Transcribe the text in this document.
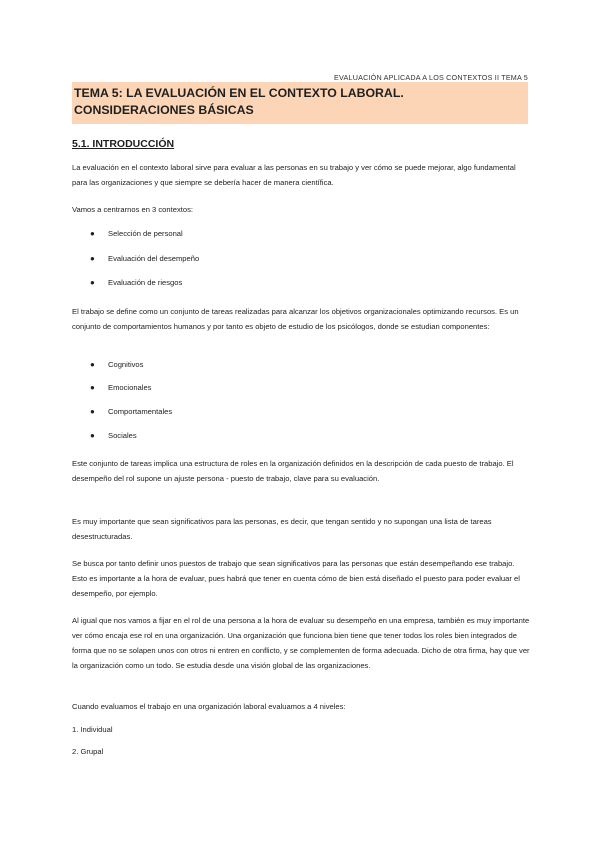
EVALUACIÓN APLICADA A LOS CONTEXTOS II TEMA 5
TEMA 5: LA EVALUACIÓN EN EL CONTEXTO LABORAL. CONSIDERACIONES BÁSICAS
5.1. INTRODUCCIÓN
La evaluación en el contexto laboral sirve para evaluar a las personas en su trabajo y ver cómo se puede mejorar, algo fundamental para las organizaciones y que siempre se debería hacer de manera científica.
Vamos a centrarnos en 3 contextos:
● Selección de personal
● Evaluación del desempeño
● Evaluación de riesgos
El trabajo se define como un conjunto de tareas realizadas para alcanzar los objetivos organizacionales optimizando recursos. Es un conjunto de comportamientos humanos y por tanto es objeto de estudio de los psicólogos, donde se estudian componentes:
● Cognitivos
● Emocionales
● Comportamentales
● Sociales
Este conjunto de tareas implica una estructura de roles en la organización definidos en la descripción de cada puesto de trabajo. El desempeño del rol supone un ajuste persona - puesto de trabajo, clave para su evaluación.
Es muy importante que sean significativos para las personas, es decir, que tengan sentido y no supongan una lista de tareas desestructuradas.
Se busca por tanto definir unos puestos de trabajo que sean significativos para las personas que están desempeñando ese trabajo. Esto es importante a la hora de evaluar, pues habrá que tener en cuenta cómo de bien está diseñado el puesto para poder evaluar el desempeño, por ejemplo.
Al igual que nos vamos a fijar en el rol de una persona a la hora de evaluar su desempeño en una empresa, también es muy importante ver cómo encaja ese rol en una organización. Una organización que funciona bien tiene que tener todos los roles bien integrados de forma que no se solapen unos con otros ni entren en conflicto, y se complementen de forma adecuada. Dicho de otra firma, hay que ver la organización como un todo. Se estudia desde una visión global de las organizaciones.
Cuando evaluamos el trabajo en una organización laboral evaluamos a 4 niveles:
1. Individual
2. Grupal
